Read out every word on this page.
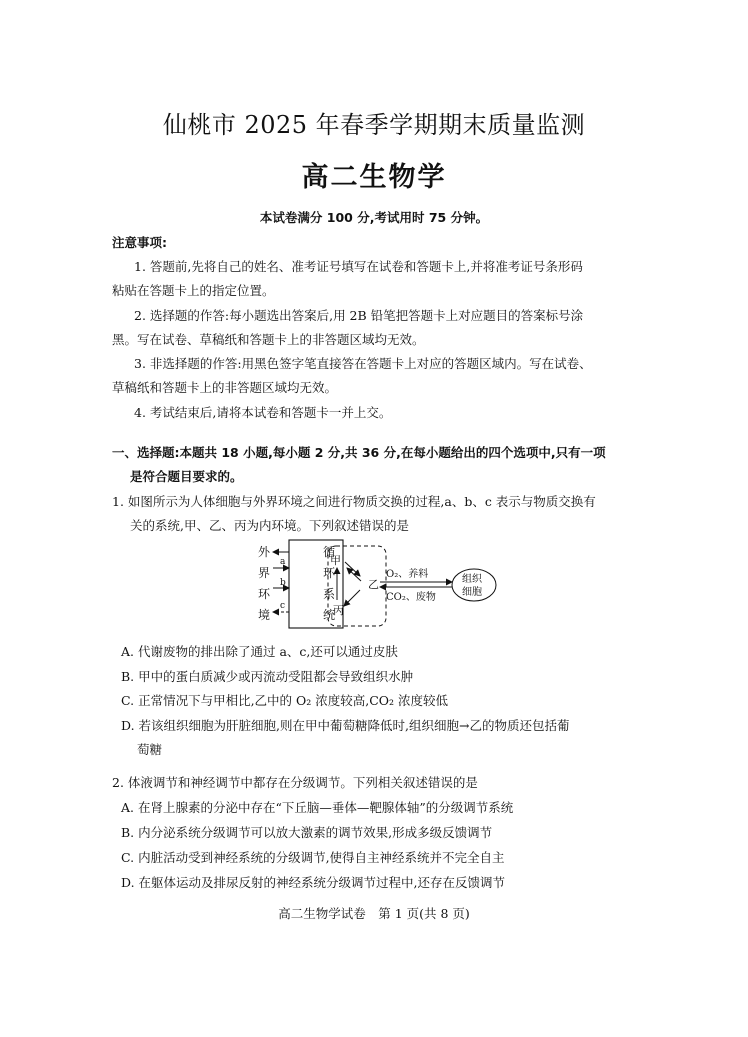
仙桃市 2025 年春季学期期末质量监测
高二生物学
本试卷满分 100 分,考试用时 75 分钟。
注意事项:
1. 答题前,先将自己的姓名、准考证号填写在试卷和答题卡上,并将准考证号条形码
粘贴在答题卡上的指定位置。
2. 选择题的作答:每小题选出答案后,用 2B 铅笔把答题卡上对应题目的答案标号涂
黑。写在试卷、草稿纸和答题卡上的非答题区域均无效。
3. 非选择题的作答:用黑色签字笔直接答在答题卡上对应的答题区域内。写在试卷、
草稿纸和答题卡上的非答题区域均无效。
4. 考试结束后,请将本试卷和答题卡一并上交。
一、选择题:本题共 18 小题,每小题 2 分,共 36 分,在每小题给出的四个选项中,只有一项
是符合题目要求的。
1. 如图所示为人体细胞与外界环境之间进行物质交换的过程,a、b、c 表示与物质交换有
关的系统,甲、乙、丙为内环境。下列叙述错误的是
外
界
环
境
循
环
系
统
a
b
c
甲
丙
乙
O₂、养料
CO₂、废物
组织
细胞
A. 代谢废物的排出除了通过 a、c,还可以通过皮肤
B. 甲中的蛋白质减少或丙流动受阻都会导致组织水肿
C. 正常情况下与甲相比,乙中的 O₂ 浓度较高,CO₂ 浓度较低
D. 若该组织细胞为肝脏细胞,则在甲中葡萄糖降低时,组织细胞→乙的物质还包括葡
萄糖
2. 体液调节和神经调节中都存在分级调节。下列相关叙述错误的是
A. 在肾上腺素的分泌中存在“下丘脑—垂体—靶腺体轴”的分级调节系统
B. 内分泌系统分级调节可以放大激素的调节效果,形成多级反馈调节
C. 内脏活动受到神经系统的分级调节,使得自主神经系统并不完全自主
D. 在躯体运动及排尿反射的神经系统分级调节过程中,还存在反馈调节
高二生物学试卷　第 1 页(共 8 页)
